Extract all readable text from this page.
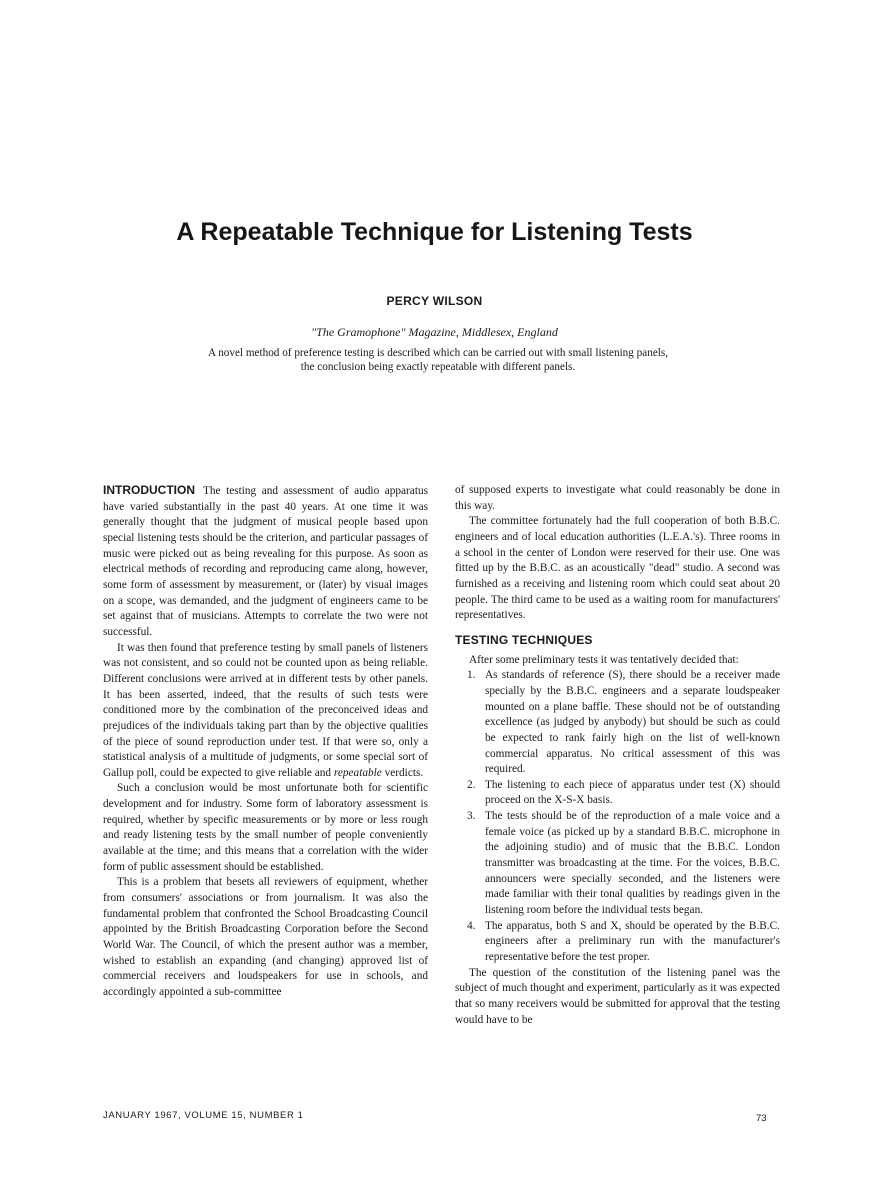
A Repeatable Technique for Listening Tests
PERCY WILSON
"The Gramophone" Magazine, Middlesex, England
A novel method of preference testing is described which can be carried out with small listening panels, the conclusion being exactly repeatable with different panels.

INTRODUCTION The testing and assessment of audio apparatus have varied substantially in the past 40 years. At one time it was generally thought that the judgment of musical people based upon special listening tests should be the criterion, and particular passages of music were picked out as being revealing for this purpose. As soon as electrical methods of recording and reproducing came along, however, some form of assessment by measurement, or (later) by visual images on a scope, was demanded, and the judgment of engineers came to be set against that of musicians. Attempts to correlate the two were not successful.

It was then found that preference testing by small panels of listeners was not consistent, and so could not be counted upon as being reliable. Different conclusions were arrived at in different tests by other panels. It has been asserted, indeed, that the results of such tests were conditioned more by the combination of the preconceived ideas and prejudices of the individuals taking part than by the objective qualities of the piece of sound reproduction under test. If that were so, only a statistical analysis of a multitude of judgments, or some special sort of Gallup poll, could be expected to give reliable and repeatable verdicts.

Such a conclusion would be most unfortunate both for scientific development and for industry. Some form of laboratory assessment is required, whether by specific measurements or by more or less rough and ready listening tests by the small number of people conveniently available at the time; and this means that a correlation with the wider form of public assessment should be established.

This is a problem that besets all reviewers of equipment, whether from consumers' associations or from journalism. It was also the fundamental problem that confronted the School Broadcasting Council appointed by the British Broadcasting Corporation before the Second World War. The Council, of which the present author was a member, wished to establish an expanding (and changing) approved list of commercial receivers and loudspeakers for use in schools, and accordingly appointed a sub-committee

of supposed experts to investigate what could reasonably be done in this way.

The committee fortunately had the full cooperation of both B.B.C. engineers and of local education authorities (L.E.A.'s). Three rooms in a school in the center of London were reserved for their use. One was fitted up by the B.B.C. as an acoustically "dead" studio. A second was furnished as a receiving and listening room which could seat about 20 people. The third came to be used as a waiting room for manufacturers' representatives.

TESTING TECHNIQUES

After some preliminary tests it was tentatively decided that:

1. As standards of reference (S), there should be a receiver made specially by the B.B.C. engineers and a separate loudspeaker mounted on a plane baffle. These should not be of outstanding excellence (as judged by anybody) but should be such as could be expected to rank fairly high on the list of well-known commercial apparatus. No critical assessment of this was required.
2. The listening to each piece of apparatus under test (X) should proceed on the X-S-X basis.
3. The tests should be of the reproduction of a male voice and a female voice (as picked up by a standard B.B.C. microphone in the adjoining studio) and of music that the B.B.C. London transmitter was broadcasting at the time. For the voices, B.B.C. announcers were specially seconded, and the listeners were made familiar with their tonal qualities by readings given in the listening room before the individual tests began.
4. The apparatus, both S and X, should be operated by the B.B.C. engineers after a preliminary run with the manufacturer's representative before the test proper.

The question of the constitution of the listening panel was the subject of much thought and experiment, particularly as it was expected that so many receivers would be submitted for approval that the testing would have to be

JANUARY 1967, VOLUME 15, NUMBER 1	73
